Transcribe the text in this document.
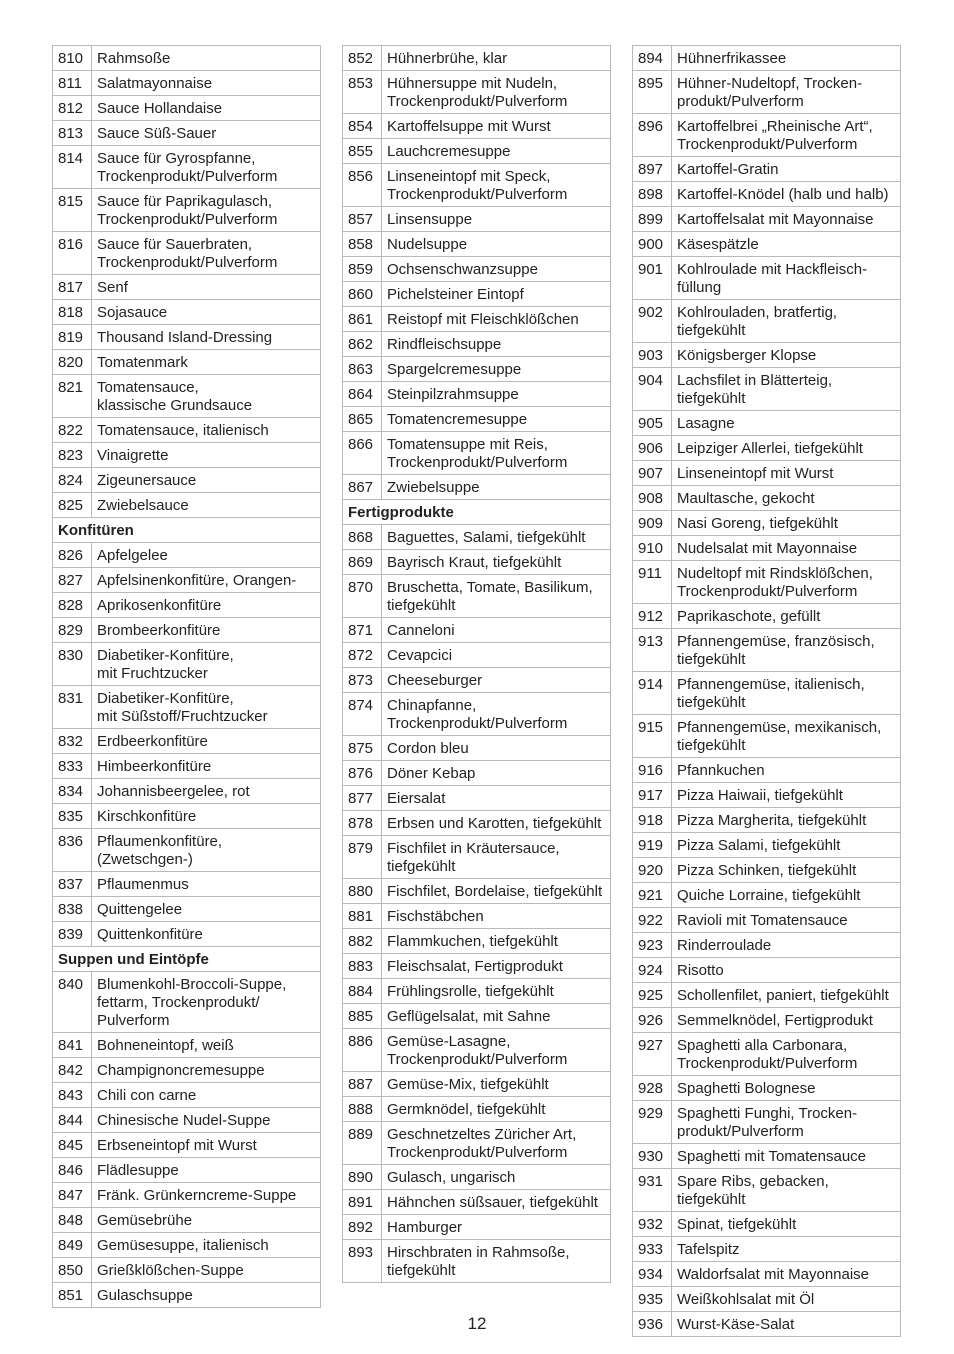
810	Rahmsoße
811	Salatmayonnaise
812	Sauce Hollandaise
813	Sauce Süß-Sauer
814	Sauce für Gyrospfanne,
Trockenprodukt/Pulverform
815	Sauce für Paprikagulasch,
Trockenprodukt/Pulverform
816	Sauce für Sauerbraten,
Trockenprodukt/Pulverform
817	Senf
818	Sojasauce
819	Thousand Island-Dressing
820	Tomatenmark
821	Tomatensauce,
klassische Grundsauce
822	Tomatensauce, italienisch
823	Vinaigrette
824	Zigeunersauce
825	Zwiebelsauce
Konfitüren	
826	Apfelgelee
827	Apfelsinenkonfitüre, Orangen-
828	Aprikosenkonfitüre
829	Brombeerkonfitüre
830	Diabetiker-Konfitüre,
mit Fruchtzucker
831	Diabetiker-Konfitüre,
mit Süßstoff/Fruchtzucker
832	Erdbeerkonfitüre
833	Himbeerkonfitüre
834	Johannisbeergelee, rot
835	Kirschkonfitüre
836	Pflaumenkonfitüre, (Zwetschgen-)
837	Pflaumenmus
838	Quittengelee
839	Quittenkonfitüre
Suppen und Eintöpfe	
840	Blumenkohl-Broccoli-Suppe,
fettarm, Trockenprodukt/
Pulverform
841	Bohneneintopf, weiß
842	Champignoncremesuppe
843	Chili con carne
844	Chinesische Nudel-Suppe
845	Erbseneintopf mit Wurst
846	Flädlesuppe
847	Fränk. Grünkerncreme-Suppe
848	Gemüsebrühe
849	Gemüsesuppe, italienisch
850	Grießklößchen-Suppe
851	Gulaschsuppe
852	Hühnerbrühe, klar
853	Hühnersuppe mit Nudeln,
Trockenprodukt/Pulverform
854	Kartoffelsuppe mit Wurst
855	Lauchcremesuppe
856	Linseneintopf mit Speck,
Trockenprodukt/Pulverform
857	Linsensuppe
858	Nudelsuppe
859	Ochsenschwanzsuppe
860	Pichelsteiner Eintopf
861	Reistopf mit Fleischklößchen
862	Rindfleischsuppe
863	Spargelcremesuppe
864	Steinpilzrahmsuppe
865	Tomatencremesuppe
866	Tomatensuppe mit Reis,
Trockenprodukt/Pulverform
867	Zwiebelsuppe
Fertigprodukte	
868	Baguettes, Salami, tiefgekühlt
869	Bayrisch Kraut, tiefgekühlt
870	Bruschetta, Tomate, Basilikum,
tiefgekühlt
871	Canneloni
872	Cevapcici
873	Cheeseburger
874	Chinapfanne,
Trockenprodukt/Pulverform
875	Cordon bleu
876	Döner Kebap
877	Eiersalat
878	Erbsen und Karotten, tiefgekühlt
879	Fischfilet in Kräutersauce,
tiefgekühlt
880	Fischfilet, Bordelaise, tiefgekühlt
881	Fischstäbchen
882	Flammkuchen, tiefgekühlt
883	Fleischsalat, Fertigprodukt
884	Frühlingsrolle, tiefgekühlt
885	Geflügelsalat, mit Sahne
886	Gemüse-Lasagne,
Trockenprodukt/Pulverform
887	Gemüse-Mix, tiefgekühlt
888	Germknödel, tiefgekühlt
889	Geschnetzeltes Züricher Art,
Trockenprodukt/Pulverform
890	Gulasch, ungarisch
891	Hähnchen süßsauer, tiefgekühlt
892	Hamburger
893	Hirschbraten in Rahmsoße,
tiefgekühlt
894	Hühnerfrikassee
895	Hühner-Nudeltopf, Trocken-
produkt/Pulverform
896	Kartoffelbrei „Rheinische Art“,
Trockenprodukt/Pulverform
897	Kartoffel-Gratin
898	Kartoffel-Knödel (halb und halb)
899	Kartoffelsalat mit Mayonnaise
900	Käsespätzle
901	Kohlroulade mit Hackfleisch-
füllung
902	Kohlrouladen, bratfertig,
tiefgekühlt
903	Königsberger Klopse
904	Lachsfilet in Blätterteig, tiefgekühlt
905	Lasagne
906	Leipziger Allerlei, tiefgekühlt
907	Linseneintopf mit Wurst
908	Maultasche, gekocht
909	Nasi Goreng, tiefgekühlt
910	Nudelsalat mit Mayonnaise
911	Nudeltopf mit Rindsklößchen,
Trockenprodukt/Pulverform
912	Paprikaschote, gefüllt
913	Pfannengemüse, französisch,
tiefgekühlt
914	Pfannengemüse, italienisch,
tiefgekühlt
915	Pfannengemüse, mexikanisch,
tiefgekühlt
916	Pfannkuchen
917	Pizza Haiwaii, tiefgekühlt
918	Pizza Margherita, tiefgekühlt
919	Pizza Salami, tiefgekühlt
920	Pizza Schinken, tiefgekühlt
921	Quiche Lorraine, tiefgekühlt
922	Ravioli mit Tomatensauce
923	Rinderroulade
924	Risotto
925	Schollenfilet, paniert, tiefgekühlt
926	Semmelknödel, Fertigprodukt
927	Spaghetti alla Carbonara,
Trockenprodukt/Pulverform
928	Spaghetti Bolognese
929	Spaghetti Funghi, Trocken-
produkt/Pulverform
930	Spaghetti mit Tomatensauce
931	Spare Ribs, gebacken, tiefgekühlt
932	Spinat, tiefgekühlt
933	Tafelspitz
934	Waldorfsalat mit Mayonnaise
935	Weißkohlsalat mit Öl
936	Wurst-Käse-Salat
12
